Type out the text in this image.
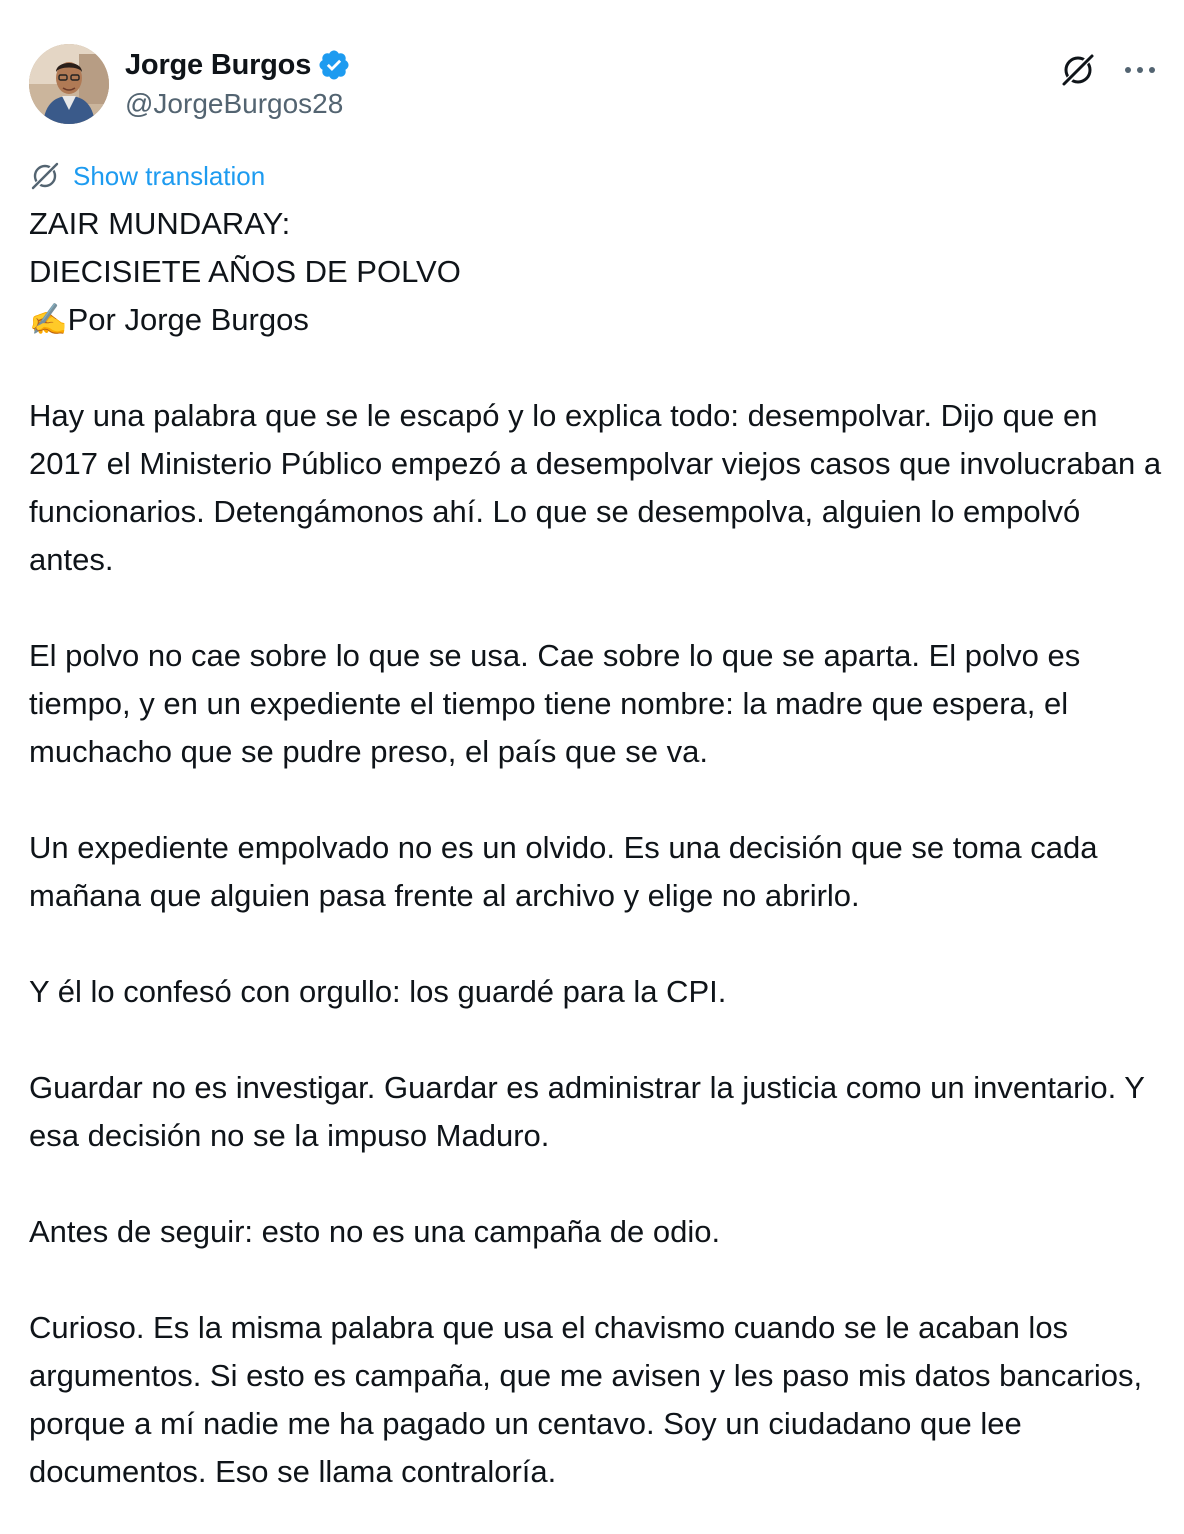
Jorge Burgos
@JorgeBurgos28
Show translation

ZAIR MUNDARAY:

DIECISIETE AÑOS DE POLVO

✍️Por Jorge Burgos

Hay una palabra que se le escapó y lo explica todo: desempolvar. Dijo que en 2017 el Ministerio Público empezó a desempolvar viejos casos que involucraban a funcionarios. Detengámonos ahí. Lo que se desempolva, alguien lo empolvó antes.

El polvo no cae sobre lo que se usa. Cae sobre lo que se aparta. El polvo es tiempo, y en un expediente el tiempo tiene nombre: la madre que espera, el muchacho que se pudre preso, el país que se va.

Un expediente empolvado no es un olvido. Es una decisión que se toma cada mañana que alguien pasa frente al archivo y elige no abrirlo.

Y él lo confesó con orgullo: los guardé para la CPI.

Guardar no es investigar. Guardar es administrar la justicia como un inventario. Y esa decisión no se la impuso Maduro.

Antes de seguir: esto no es una campaña de odio.

Curioso. Es la misma palabra que usa el chavismo cuando se le acaban los argumentos. Si esto es campaña, que me avisen y les paso mis datos bancarios, porque a mí nadie me ha pagado un centavo. Soy un ciudadano que lee documentos. Eso se llama contraloría.
